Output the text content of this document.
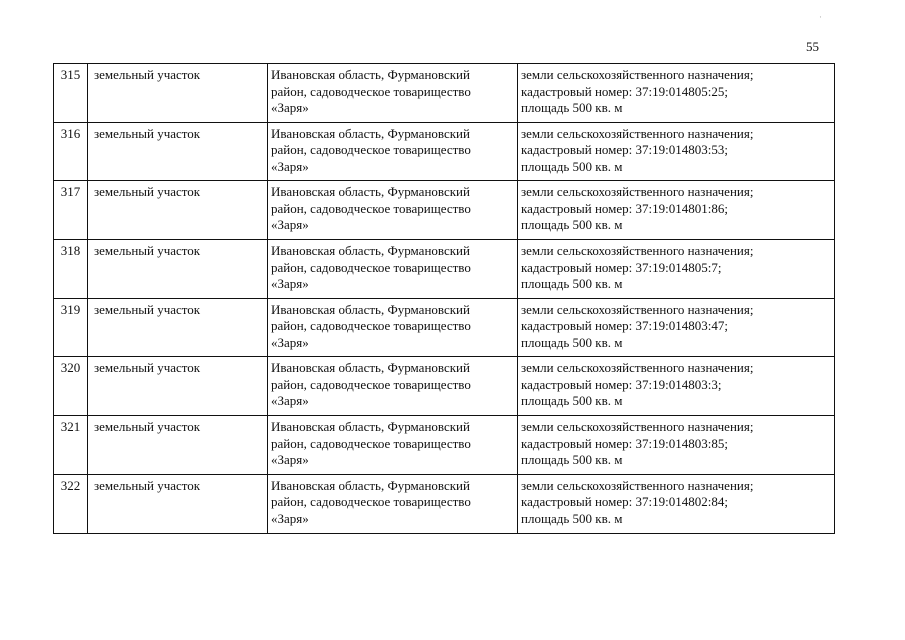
·
55
315	земельный участок	Ивановская область, Фурмановский
район, садоводческое товарищество
«Заря»	земли сельскохозяйственного назначения;
кадастровый номер: 37:19:014805:25;
площадь 500 кв. м

316	земельный участок	Ивановская область, Фурмановский
район, садоводческое товарищество
«Заря»	земли сельскохозяйственного назначения;
кадастровый номер: 37:19:014803:53;
площадь 500 кв. м

317	земельный участок	Ивановская область, Фурмановский
район, садоводческое товарищество
«Заря»	земли сельскохозяйственного назначения;
кадастровый номер: 37:19:014801:86;
площадь 500 кв. м

318	земельный участок	Ивановская область, Фурмановский
район, садоводческое товарищество
«Заря»	земли сельскохозяйственного назначения;
кадастровый номер: 37:19:014805:7;
площадь 500 кв. м

319	земельный участок	Ивановская область, Фурмановский
район, садоводческое товарищество
«Заря»	земли сельскохозяйственного назначения;
кадастровый номер: 37:19:014803:47;
площадь 500 кв. м

320	земельный участок	Ивановская область, Фурмановский
район, садоводческое товарищество
«Заря»	земли сельскохозяйственного назначения;
кадастровый номер: 37:19:014803:3;
площадь 500 кв. м

321	земельный участок	Ивановская область, Фурмановский
район, садоводческое товарищество
«Заря»	земли сельскохозяйственного назначения;
кадастровый номер: 37:19:014803:85;
площадь 500 кв. м

322	земельный участок	Ивановская область, Фурмановский
район, садоводческое товарищество
«Заря»	земли сельскохозяйственного назначения;
кадастровый номер: 37:19:014802:84;
площадь 500 кв. м
